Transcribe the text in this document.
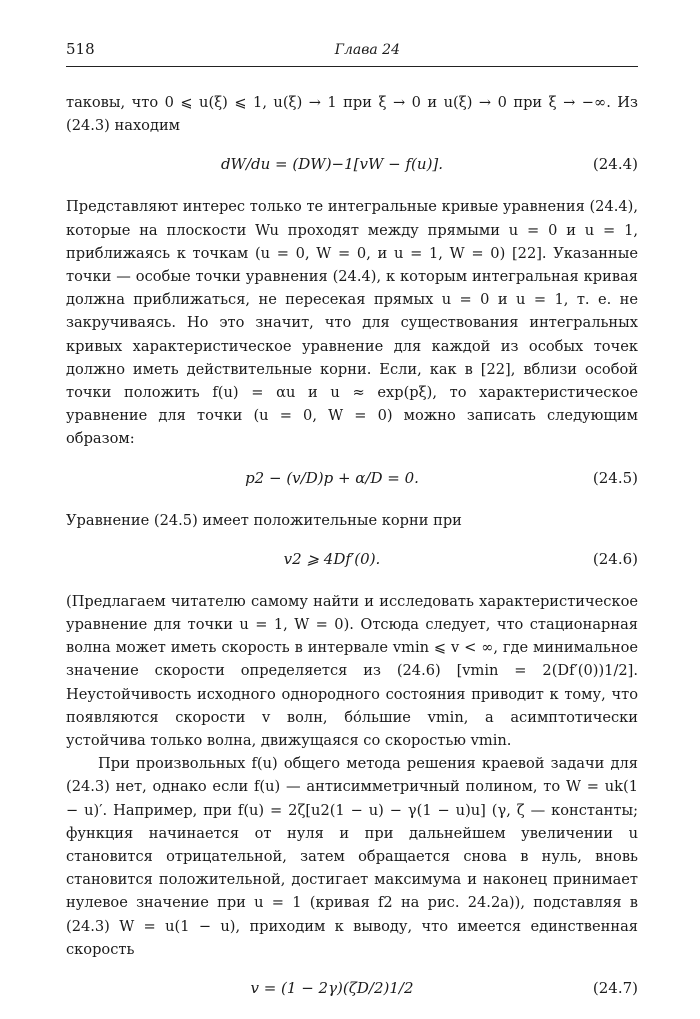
518	Глава 24

таковы, что 0 ⩽ u(ξ) ⩽ 1, u(ξ) → 1 при ξ → 0 и u(ξ) → 0 при ξ → −∞. Из (24.3) находим

dW/du = (DW)−1[vW − f(u)].	(24.4)

Представляют интерес только те интегральные кривые уравнения (24.4), которые на плоскости Wu проходят между прямыми u = 0 и u = 1, приближаясь к точкам (u = 0, W = 0, и u = 1, W = 0) [22]. Указанные точки — особые точки уравнения (24.4), к которым интегральная кривая должна приближаться, не пересекая прямых u = 0 и u = 1, т. е. не закручиваясь. Но это значит, что для существования интегральных кривых характеристическое уравнение для каждой из особых точек должно иметь действительные корни. Если, как в [22], вблизи особой точки положить f(u) = αu и u ≈ exp(pξ), то характеристическое уравнение для точки (u = 0, W = 0) можно записать следующим образом:

p2 − (v/D)p + α/D = 0.	(24.5)

Уравнение (24.5) имеет положительные корни при

v2 ⩾ 4Df′(0).	(24.6)

(Предлагаем читателю самому найти и исследовать характеристическое уравнение для точки u = 1, W = 0). Отсюда следует, что стационарная волна может иметь скорость в интервале vmin ⩽ v < ∞, где минимальное значение скорости определяется из (24.6) [vmin = 2(Df′(0))1/2]. Неустойчивость исходного однородного состояния приводит к тому, что появляются скорости v волн, бо́льшие vmin, а асимптотически устойчива только волна, движущаяся со скоростью vmin.

При произвольных f(u) общего метода решения краевой задачи для (24.3) нет, однако если f(u) — антисимметричный полином, то W = uk(1 − u)′. Например, при f(u) = 2ζ[u2(1 − u) − γ(1 − u)u] (γ, ζ — константы; функция начинается от нуля и при дальнейшем увеличении u становится отрицательной, затем обращается снова в нуль, вновь становится положительной, достигает максимума и наконец принимает нулевое значение при u = 1 (кривая f2 на рис. 24.2а)), подставляя в (24.3) W = u(1 − u), приходим к выводу, что имеется единственная скорость

v = (1 − 2γ)(ζD/2)1/2	(24.7)
